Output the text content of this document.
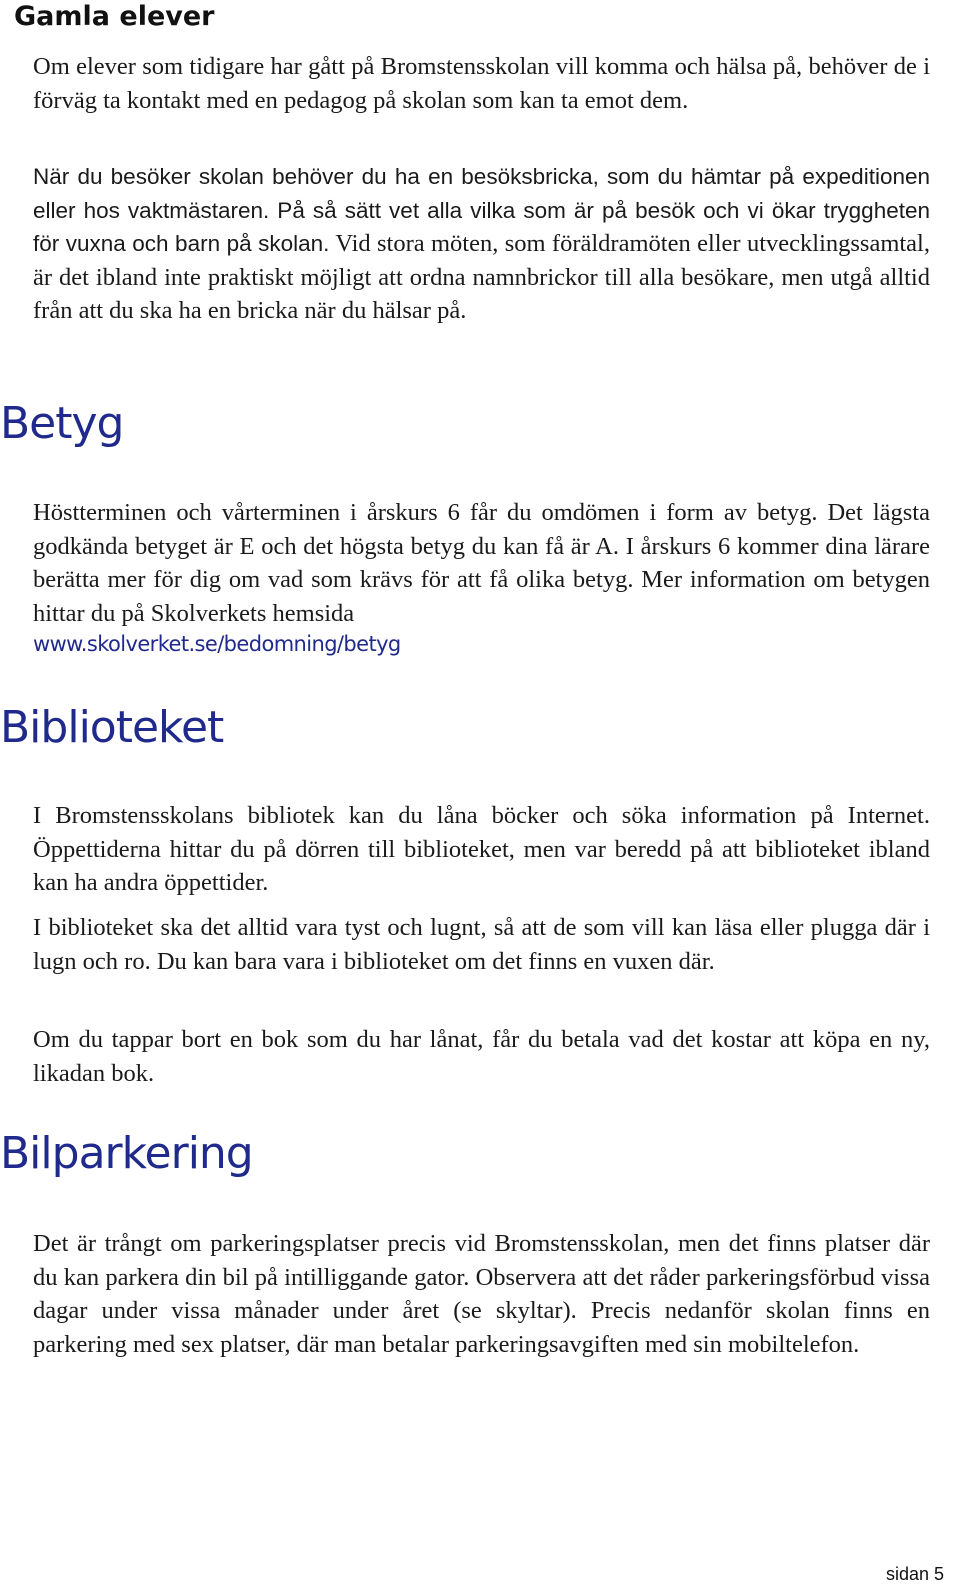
Gamla elever

Om elever som tidigare har gått på Bromstensskolan vill komma och hälsa på, behöver de i förväg ta kontakt med en pedagog på skolan som kan ta emot dem.

När du besöker skolan behöver du ha en besöksbricka, som du hämtar på expeditionen eller hos vaktmästaren. På så sätt vet alla vilka som är på besök och vi ökar tryggheten för vuxna och barn på skolan. Vid stora möten, som föräldramöten eller utvecklingssamtal, är det ibland inte praktiskt möjligt att ordna namnbrickor till alla besökare, men utgå alltid från att du ska ha en bricka när du hälsar på.

Betyg

Höstterminen och vårterminen i årskurs 6 får du omdömen i form av betyg. Det lägsta godkända betyget är E och det högsta betyg du kan få är A. I årskurs 6 kommer dina lärare berätta mer för dig om vad som krävs för att få olika betyg. Mer information om betygen hittar du på Skolverkets hemsida

www.skolverket.se/bedomning/betyg
Biblioteket

I Bromstensskolans bibliotek kan du låna böcker och söka information på Internet. Öppettiderna hittar du på dörren till biblioteket, men var beredd på att biblioteket ibland kan ha andra öppettider.

I biblioteket ska det alltid vara tyst och lugnt, så att de som vill kan läsa eller plugga där i lugn och ro. Du kan bara vara i biblioteket om det finns en vuxen där.

Om du tappar bort en bok som du har lånat, får du betala vad det kostar att köpa en ny, likadan bok.

Bilparkering

Det är trångt om parkeringsplatser precis vid Bromstensskolan, men det finns platser där du kan parkera din bil på intilliggande gator. Observera att det råder parkeringsförbud vissa dagar under vissa månader under året (se skyltar). Precis nedanför skolan finns en parkering med sex platser, där man betalar parkeringsavgiften med sin mobiltelefon.

sidan 5
